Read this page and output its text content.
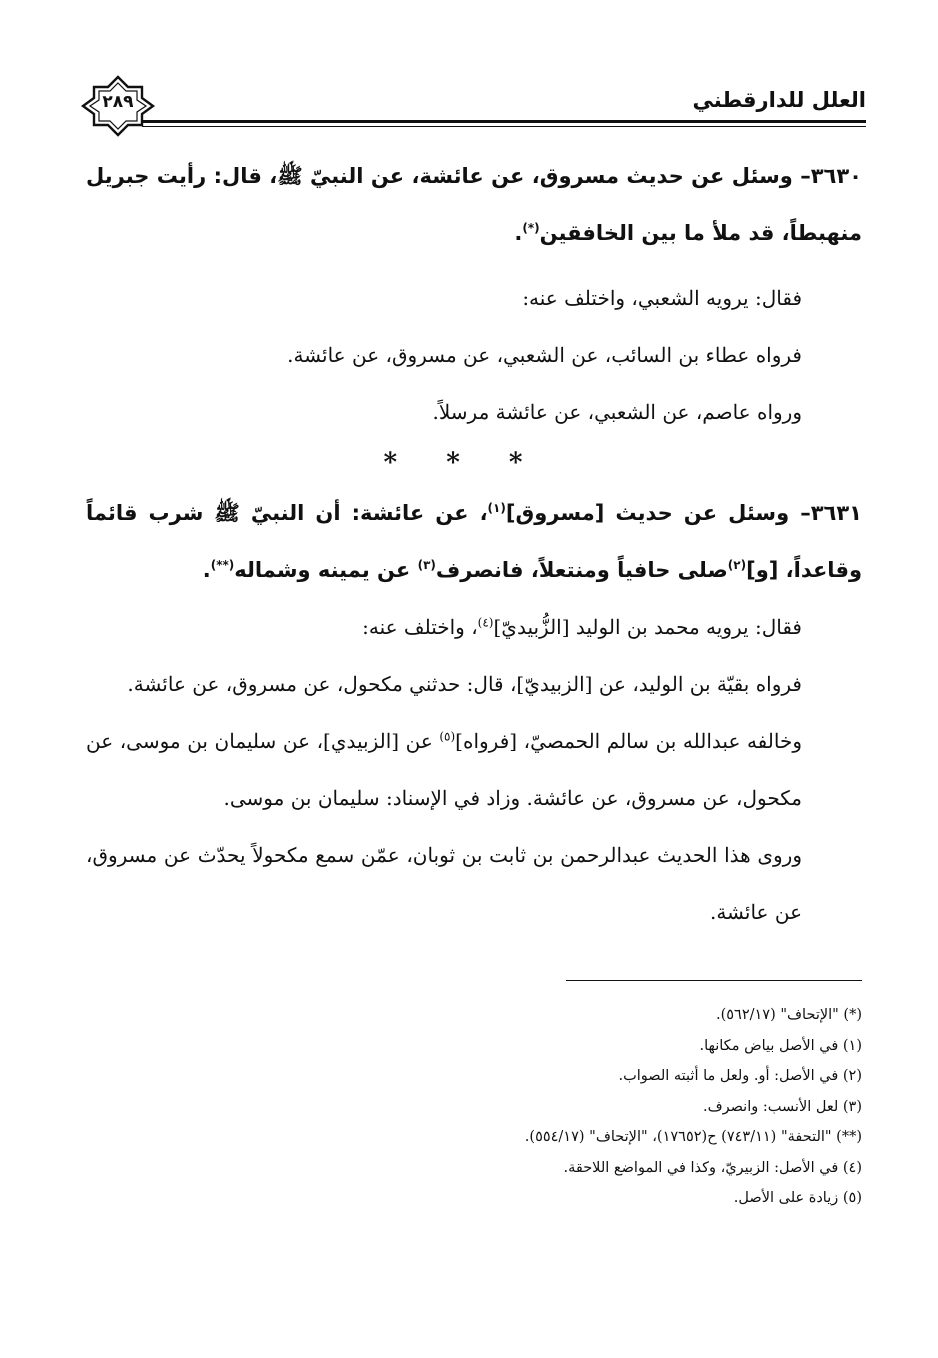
العلل للدارقطني
٢٨٩

٣٦٣٠– وسئل عن حديث مسروق، عن عائشة، عن النبيّ ﷺ، قال: رأيت جبريل منهبطاً، قد ملأ ما بين الخافقين(*).

فقال: يرويه الشعبي، واختلف عنه:

فرواه عطاء بن السائب، عن الشعبي، عن مسروق، عن عائشة.

ورواه عاصم، عن الشعبي، عن عائشة مرسلاً.

* * *

٣٦٣١– وسئل عن حديث [مسروق]$^{(١)}$، عن عائشة: أن النبيّ ﷺ شرب قائماً وقاعداً، [و]$^{(٢)}$صلى حافياً ومنتعلاً، فانصرف$^{(٣)}$ عن يمينه وشماله(**).

فقال: يرويه محمد بن الوليد [الزُّبيديّ]$^{(٤)}$، واختلف عنه:

فرواه بقيّة بن الوليد، عن [الزبيديّ]، قال: حدثني مكحول، عن مسروق، عن عائشة.

وخالفه عبدالله بن سالم الحمصيّ، [فرواه]$^{(٥)}$ عن [الزبيدي]، عن سليمان بن موسى، عن مكحول، عن مسروق، عن عائشة. وزاد في الإسناد: سليمان بن موسى.

وروى هذا الحديث عبدالرحمن بن ثابت بن ثوبان، عمّن سمع مكحولاً يحدّث عن مسروق، عن عائشة.

(*) "الإتحاف" (٥٦٢/١٧).

(١) في الأصل بياض مكانها.

(٢) في الأصل: أو. ولعل ما أثبته الصواب.

(٣) لعل الأنسب: وانصرف.

(**) "التحفة" (٧٤٣/١١) ح(١٧٦٥٢)، "الإتحاف" (٥٥٤/١٧).

(٤) في الأصل: الزبيريّ، وكذا في المواضع اللاحقة.

(٥) زيادة على الأصل.
